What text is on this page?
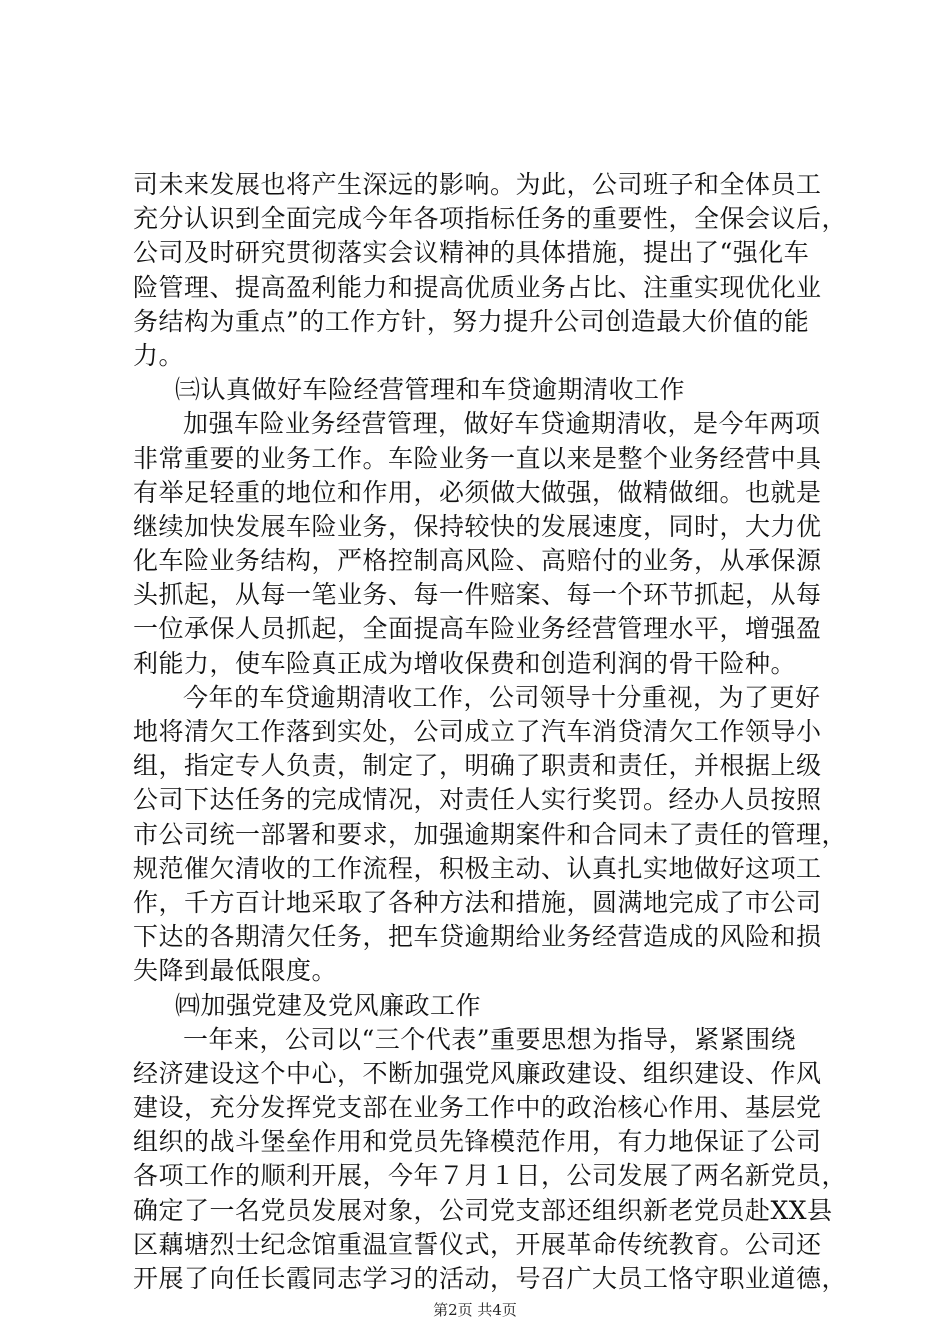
司未来发展也将产生深远的影响。为此，公司班子和全体员工
充分认识到全面完成今年各项指标任务的重要性，全保会议后，
公司及时研究贯彻落实会议精神的具体措施，提出了“强化车
险管理、提高盈利能力和提高优质业务占比、注重实现优化业
务结构为重点”的工作方针，努力提升公司创造最大价值的能
力。
㈢认真做好车险经营管理和车贷逾期清收工作
加强车险业务经营管理，做好车贷逾期清收，是今年两项
非常重要的业务工作。车险业务一直以来是整个业务经营中具
有举足轻重的地位和作用，必须做大做强，做精做细。也就是
继续加快发展车险业务，保持较快的发展速度，同时，大力优
化车险业务结构，严格控制高风险、高赔付的业务，从承保源
头抓起，从每一笔业务、每一件赔案、每一个环节抓起，从每
一位承保人员抓起，全面提高车险业务经营管理水平，增强盈
利能力，使车险真正成为增收保费和创造利润的骨干险种。
今年的车贷逾期清收工作，公司领导十分重视，为了更好
地将清欠工作落到实处，公司成立了汽车消贷清欠工作领导小
组，指定专人负责，制定了，明确了职责和责任，并根据上级
公司下达任务的完成情况，对责任人实行奖罚。经办人员按照
市公司统一部署和要求，加强逾期案件和合同未了责任的管理，
规范催欠清收的工作流程，积极主动、认真扎实地做好这项工
作，千方百计地采取了各种方法和措施，圆满地完成了市公司
下达的各期清欠任务，把车贷逾期给业务经营造成的风险和损
失降到最低限度。
㈣加强党建及党风廉政工作
一年来，公司以“三个代表”重要思想为指导，紧紧围绕
经济建设这个中心，不断加强党风廉政建设、组织建设、作风
建设，充分发挥党支部在业务工作中的政治核心作用、基层党
组织的战斗堡垒作用和党员先锋模范作用，有力地保证了公司
各项工作的顺利开展，今年７月１日，公司发展了两名新党员，
确定了一名党员发展对象，公司党支部还组织新老党员赴XX县
区藕塘烈士纪念馆重温宣誓仪式，开展革命传统教育。公司还
开展了向任长霞同志学习的活动，号召广大员工恪守职业道德，
第2页 共4页
